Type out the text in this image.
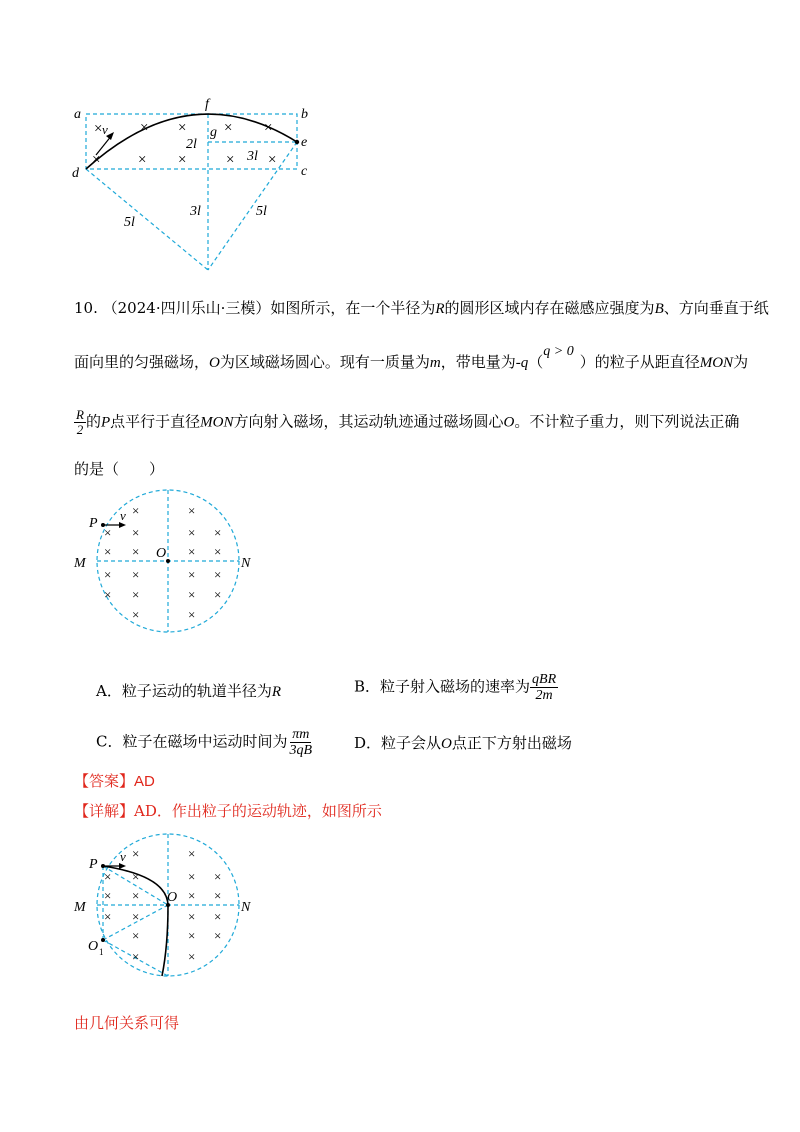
×	× ×	× ×
×	× ×	× ×
a	b
c
d
e
f
g
v
2l
3l
3l
5l
5l
10. （2024·四川乐山·三模）如图所示，在一个半径为R的圆形区域内存在磁感应强度为B、方向垂直于纸
面向里的匀强磁场，O为区域磁场圆心。现有一质量为m，带电量为-q（q > 0）的粒子从距直径MON为
$\frac{R}{2}$ 的P点平行于直径MON方向射入磁场，其运动轨迹通过磁场圆心O。不计粒子重力，则下列说法正确
的是（　　）
×
× ×
× ×
× ×
× ×
×
×
× ×
× ×
× ×
× ×
×
P
v
O
M	N
A．粒子运动的轨道半径为R	B．粒子射入磁场的速率为 $\frac{\text{qBR}}{2m}$
C．粒子在磁场中运动时间为 $\frac{\pi m}{3qB}$	D．粒子会从O点正下方射出磁场
【答案】AD
【详解】AD．作出粒子的运动轨迹，如图所示
×
× ×
× ×
× ×
×
×
×
× ×
× ×
× ×
× ×
×
P
v
O
M	N
O 1
由几何关系可得
